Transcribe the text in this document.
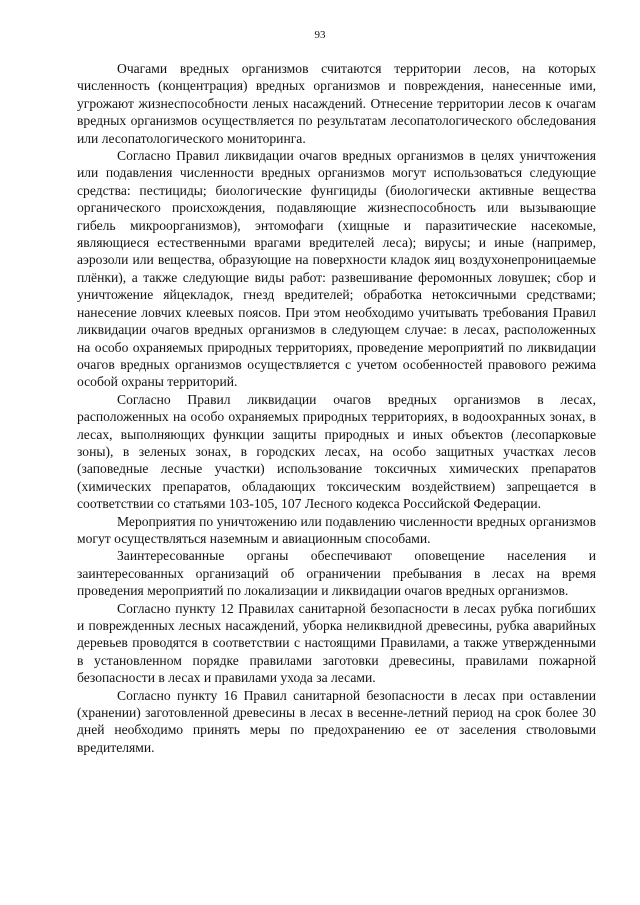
93

Очагами вредных организмов считаются территории лесов, на которых численность (концентрация) вредных организмов и повреждения, нанесенные ими, угрожают жизнеспособности леных насаждений. Отнесение территории лесов к очагам вредных организмов осуществляется по результатам лесопатологического обследования или лесопатологического мониторинга.

Согласно Правил ликвидации очагов вредных организмов в целях уничтожения или подавления численности вредных организмов могут использоваться следующие средства: пестициды; биологические фунгициды (биологически активные вещества органического происхождения, подавляющие жизнеспособность или вызывающие гибель микроорганизмов), энтомофаги (хищные и паразитические насекомые, являющиеся естественными врагами вредителей леса); вирусы; и иные (например, аэрозоли или вещества, образующие на поверхности кладок яиц воздухонепроницаемые плёнки), а также следующие виды работ: развешивание феромонных ловушек; сбор и уничтожение яйцекладок, гнезд вредителей; обработка нетоксичными средствами; нанесение ловчих клеевых поясов. При этом необходимо учитывать требования Правил ликвидации очагов вредных организмов в следующем случае: в лесах, расположенных на особо охраняемых природных территориях, проведение мероприятий по ликвидации очагов вредных организмов осуществляется с учетом особенностей правового режима особой охраны территорий.

Согласно Правил ликвидации очагов вредных организмов в лесах, расположенных на особо охраняемых природных территориях, в водоохранных зонах, в лесах, выполняющих функции защиты природных и иных объектов (лесопарковые зоны), в зеленых зонах, в городских лесах, на особо защитных участках лесов (заповедные лесные участки) использование токсичных химических препаратов (химических препаратов, обладающих токсическим воздействием) запрещается в соответствии со статьями 103-105, 107 Лесного кодекса Российской Федерации.

Мероприятия по уничтожению или подавлению численности вредных организмов могут осуществляться наземным и авиационным способами.

Заинтересованные органы обеспечивают оповещение населения и заинтересованных организаций об ограничении пребывания в лесах на время проведения мероприятий по локализации и ликвидации очагов вредных организмов.

Согласно пункту 12 Правилах санитарной безопасности в лесах рубка погибших и поврежденных лесных насаждений, уборка неликвидной древесины, рубка аварийных деревьев проводятся в соответствии с настоящими Правилами, а также утвержденными в установленном порядке правилами заготовки древесины, правилами пожарной безопасности в лесах и правилами ухода за лесами.

Согласно пункту 16 Правил санитарной безопасности в лесах при оставлении (хранении) заготовленной древесины в лесах в весенне-летний период на срок более 30 дней необходимо принять меры по предохранению ее от заселения стволовыми вредителями.
